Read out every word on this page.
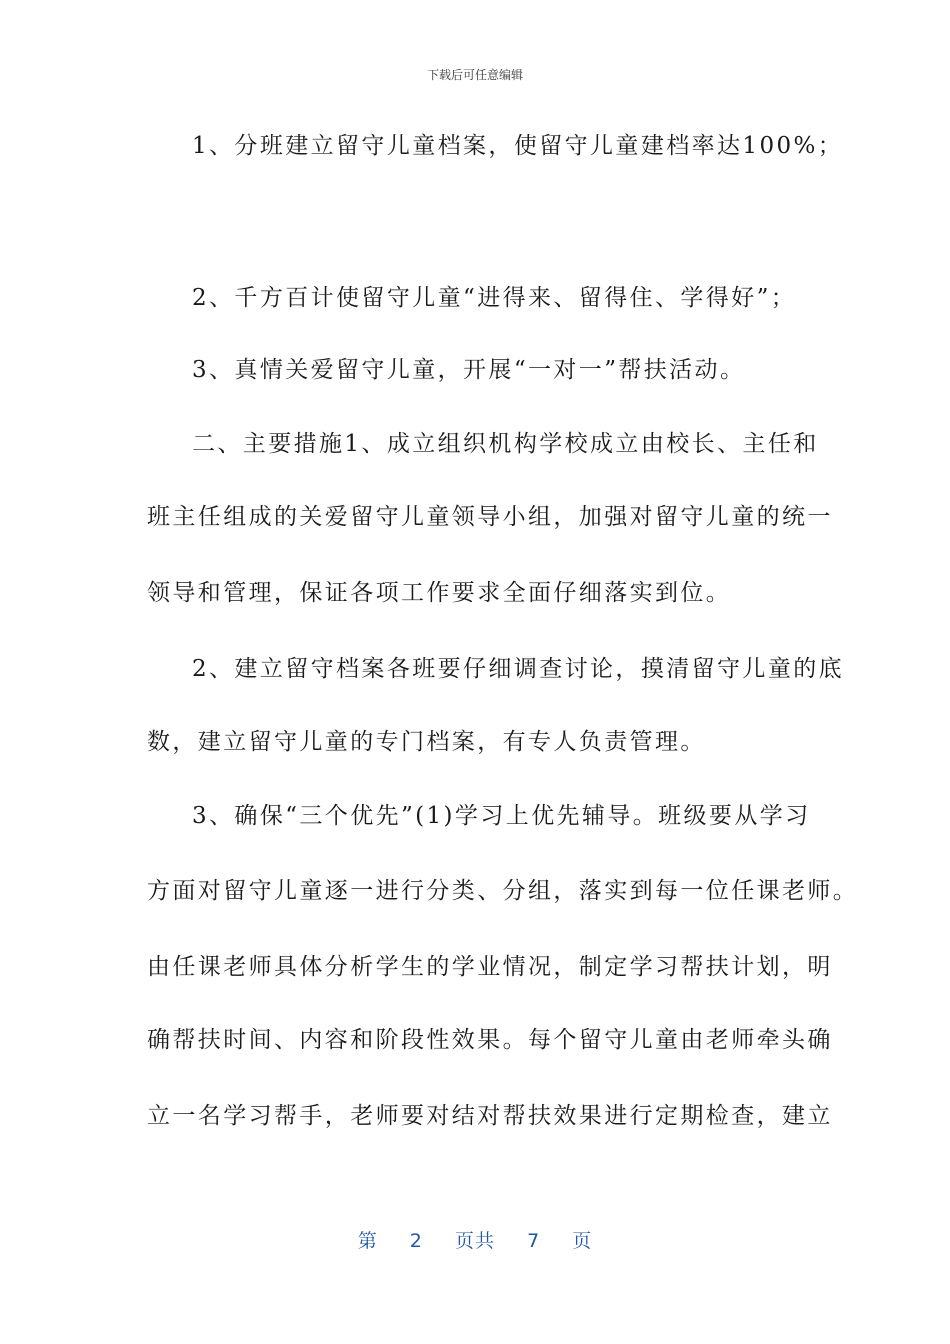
下载后可任意编辑
1、分班建立留守儿童档案，使留守儿童建档率达100%；
2、千方百计使留守儿童“进得来、留得住、学得好”；
3、真情关爱留守儿童，开展“一对一”帮扶活动。
二、主要措施1、成立组织机构学校成立由校长、主任和
班主任组成的关爱留守儿童领导小组，加强对留守儿童的统一
领导和管理，保证各项工作要求全面仔细落实到位。
2、建立留守档案各班要仔细调查讨论，摸清留守儿童的底
数，建立留守儿童的专门档案，有专人负责管理。
3、确保“三个优先”(1)学习上优先辅导。班级要从学习
方面对留守儿童逐一进行分类、分组，落实到每一位任课老师。
由任课老师具体分析学生的学业情况，制定学习帮扶计划，明
确帮扶时间、内容和阶段性效果。每个留守儿童由老师牵头确
立一名学习帮手，老师要对结对帮扶效果进行定期检查，建立
第 2 页共 7 页
